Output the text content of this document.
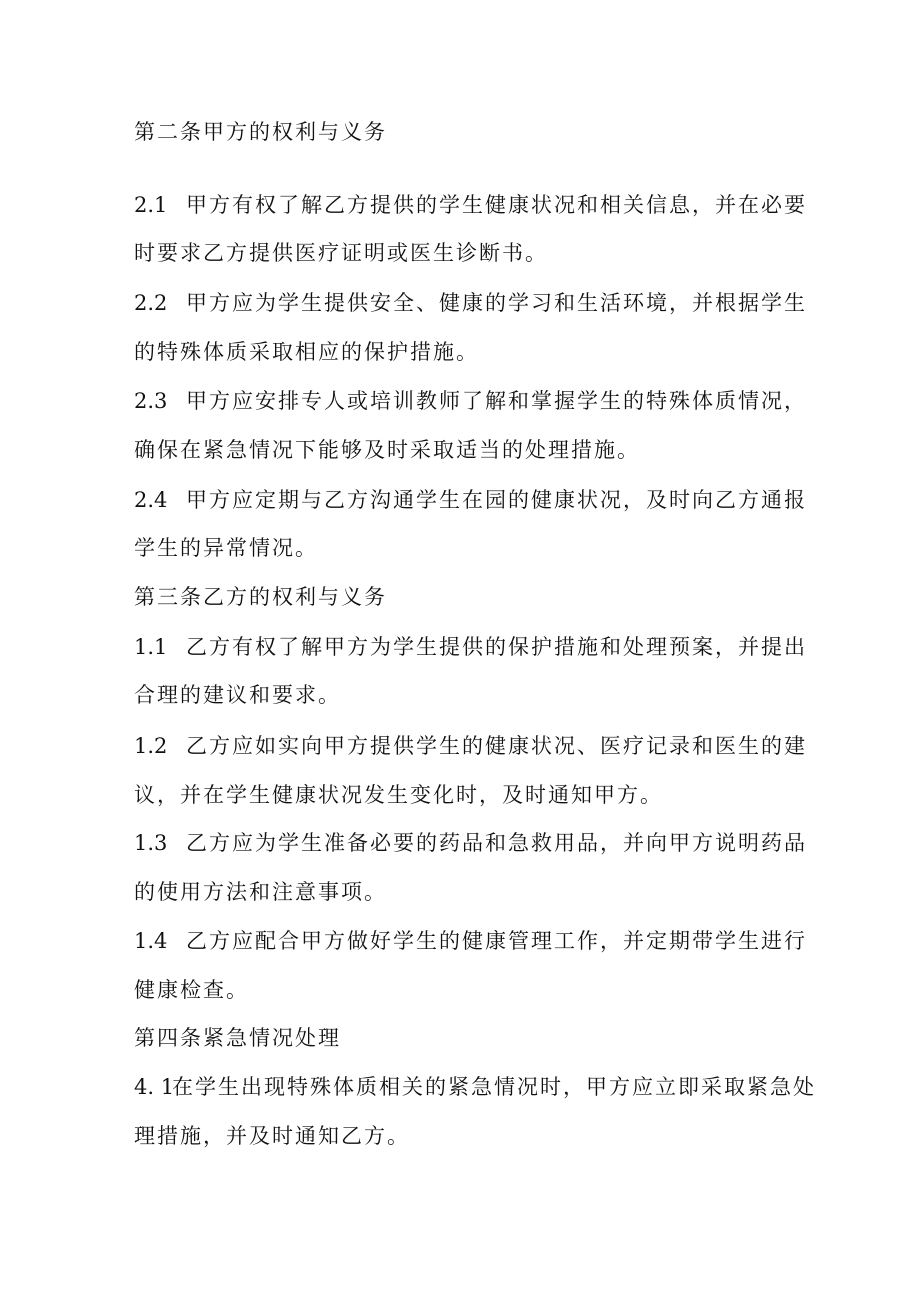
第二条甲方的权利与义务
2.1 甲方有权了解乙方提供的学生健康状况和相关信息，并在必要
时要求乙方提供医疗证明或医生诊断书。
2.2 甲方应为学生提供安全、健康的学习和生活环境，并根据学生
的特殊体质采取相应的保护措施。
2.3 甲方应安排专人或培训教师了解和掌握学生的特殊体质情况，
确保在紧急情况下能够及时采取适当的处理措施。
2.4 甲方应定期与乙方沟通学生在园的健康状况，及时向乙方通报
学生的异常情况。
第三条乙方的权利与义务
1.1 乙方有权了解甲方为学生提供的保护措施和处理预案，并提出
合理的建议和要求。
1.2 乙方应如实向甲方提供学生的健康状况、医疗记录和医生的建
议，并在学生健康状况发生变化时，及时通知甲方。
1.3 乙方应为学生准备必要的药品和急救用品，并向甲方说明药品
的使用方法和注意事项。
1.4 乙方应配合甲方做好学生的健康管理工作，并定期带学生进行
健康检查。
第四条紧急情况处理
4. 1在学生出现特殊体质相关的紧急情况时，甲方应立即采取紧急处
理措施，并及时通知乙方。
